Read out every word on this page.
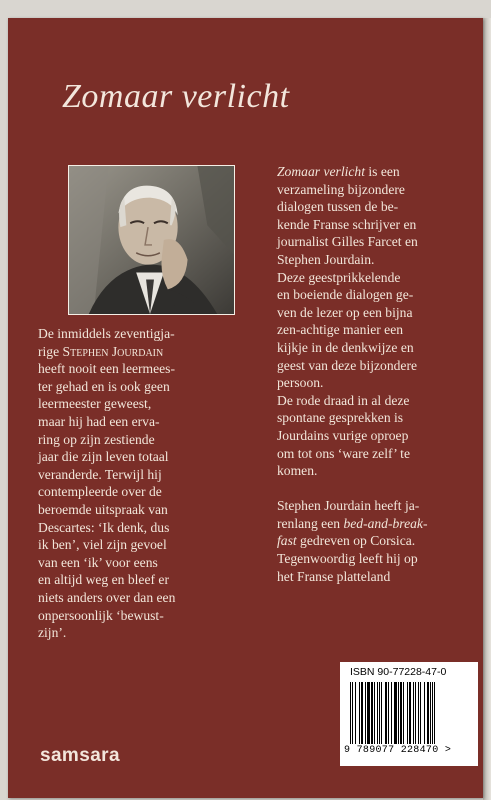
Zomaar verlicht

De inmiddels zeventigja-

rige Stephen Jourdain

heeft nooit een leermees-

ter gehad en is ook geen

leermeester geweest,

maar hij had een erva-

ring op zijn zestiende

jaar die zijn leven totaal

veranderde. Terwijl hij

contempleerde over de

beroemde uitspraak van

Descartes: ‘Ik denk, dus

ik ben’, viel zijn gevoel

van een ‘ik’ voor eens

en altijd weg en bleef er

niets anders over dan een

onpersoonlijk ‘bewust-

zijn’.

Zomaar verlicht is een

verzameling bijzondere

dialogen tussen de be-

kende Franse schrijver en

journalist Gilles Farcet en

Stephen Jourdain.

Deze geestprikkelende

en boeiende dialogen ge-

ven de lezer op een bijna

zen-achtige manier een

kijkje in de denkwijze en

geest van deze bijzondere

persoon.

De rode draad in al deze

spontane gesprekken is

Jourdains vurige oproep

om tot ons ‘ware zelf’ te

komen.

Stephen Jourdain heeft ja-

renlang een bed-and-break-

fast gedreven op Corsica.

Tegenwoordig leeft hij op

het Franse platteland

ISBN 90-77228-47-0
9 789077 228470 >
samsara
